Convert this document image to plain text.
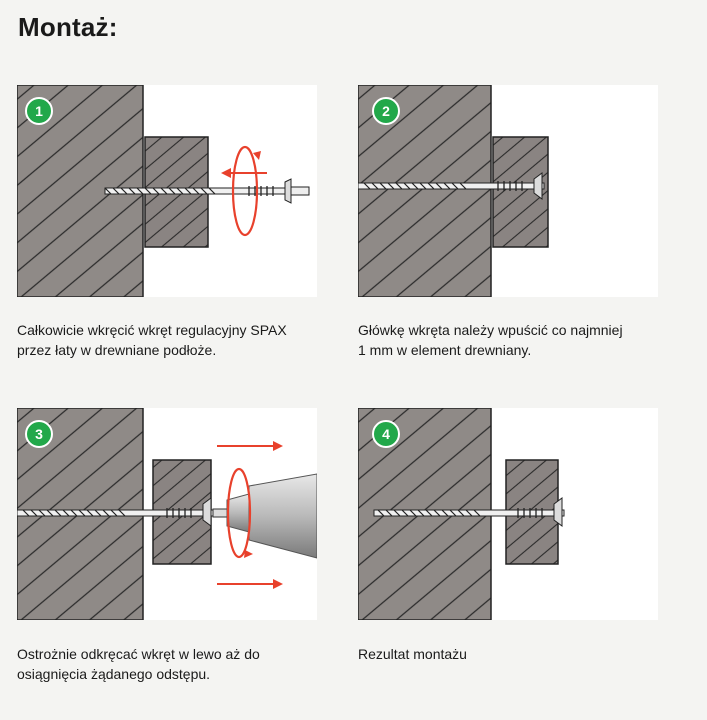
Montaż:
1
Całkowicie wkręcić wkręt regulacyjny SPAX
przez łaty w drewniane podłoże.
2
Główkę wkręta należy wpuścić co najmniej
1 mm w element drewniany.
3
Ostrożnie odkręcać wkręt w lewo aż do
osiągnięcia żądanego odstępu.
4
Rezultat montażu
